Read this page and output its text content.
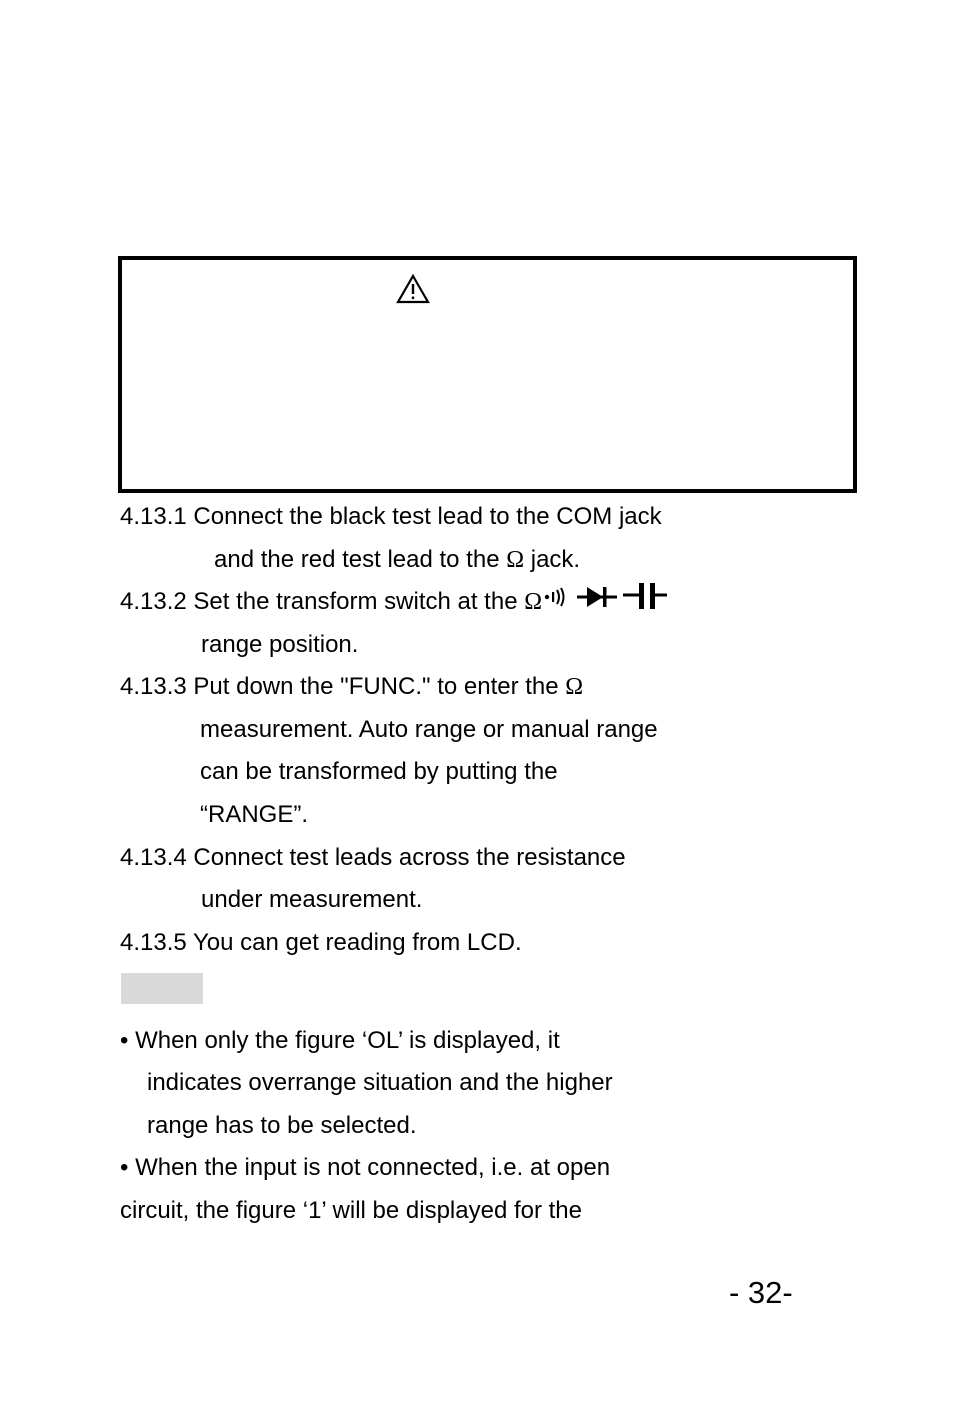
4.13.1 Connect the black test lead to the COM jack
and the red test lead to the Ω jack.
4.13.2 Set the transform switch at the Ω
range position.
4.13.3 Put down the "FUNC." to enter the Ω
measurement. Auto range or manual range
can be transformed by putting the
“RANGE”.
4.13.4 Connect test leads across the resistance
under measurement.
4.13.5 You can get reading from LCD.
• When only the figure ‘OL’ is displayed, it
indicates overrange situation and the higher
range has to be selected.
• When the input is not connected, i.e. at open
circuit, the figure ‘1’ will be displayed for the
- 32-
